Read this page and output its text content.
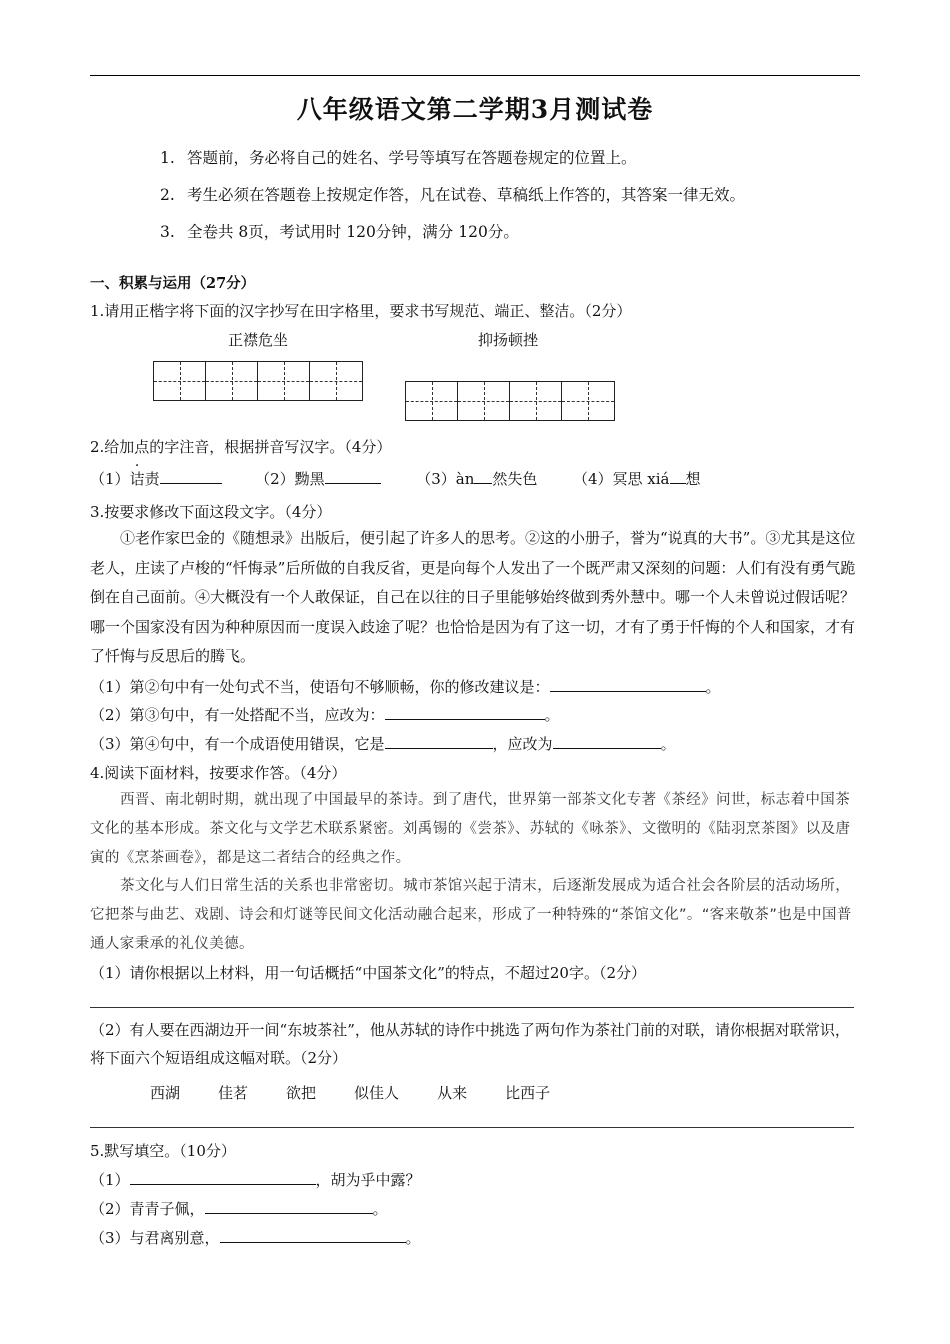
八年级语文第二学期3月测试卷
1. 答题前，务必将自己的姓名、学号等填写在答题卷规定的位置上。
2. 考生必须在答题卷上按规定作答，凡在试卷、草稿纸上作答的，其答案一律无效。
3. 全卷共 8页，考试用时 120分钟，满分 120分。
一、积累与运用（27分）
1.请用正楷字将下面的汉字抄写在田字格里，要求书写规范、端正、整洁。（2分）
正襟危坐	抑扬顿挫
2.给加点的字注音，根据拼音写汉字。（4分）
（1）诘责	（2）黝黑	（3）àn 然失色 （4）冥思 xiá 想
3.按要求修改下面这段文字。（4分）
①老作家巴金的《随想录》出版后，便引起了许多人的思考。②这的小册子，誉为“说真的大书”。③尤其是这位老人，庄读了卢梭的“忏悔录”后所做的自我反省，更是向每个人发出了一个既严肃又深刻的问题：人们有没有勇气跪倒在自己面前。④大概没有一个人敢保证，自己在以往的日子里能够始终做到秀外慧中。哪一个人未曾说过假话呢？哪一个国家没有因为种种原因而一度误入歧途了呢？也恰恰是因为有了这一切，才有了勇于忏悔的个人和国家，才有了忏悔与反思后的腾飞。
（1）第②句中有一处句式不当，使语句不够顺畅，你的修改建议是：	。
（2）第③句中，有一处搭配不当，应改为：	。
（3）第④句中，有一个成语使用错误，它是	，应改为	。
4.阅读下面材料，按要求作答。（4分）
西晋、南北朝时期，就出现了中国最早的茶诗。到了唐代，世界第一部茶文化专著《茶经》问世，标志着中国茶文化的基本形成。茶文化与文学艺术联系紧密。刘禹锡的《尝茶》、苏轼的《咏茶》、文徵明的《陆羽烹茶图》以及唐寅的《烹茶画卷》，都是这二者结合的经典之作。
茶文化与人们日常生活的关系也非常密切。城市茶馆兴起于清末，后逐渐发展成为适合社会各阶层的活动场所，它把茶与曲艺、戏剧、诗会和灯谜等民间文化活动融合起来，形成了一种特殊的“茶馆文化”。“客来敬茶”也是中国普通人家秉承的礼仪美德。
（1）请你根据以上材料，用一句话概括“中国茶文化”的特点，不超过20字。（2分）
（2）有人要在西湖边开一间“东坡茶社”，他从苏轼的诗作中挑选了两句作为茶社门前的对联，请你根据对联常识，将下面六个短语组成这幅对联。（2分）
西湖	佳茗	欲把	似佳人	从来	比西子
5.默写填空。（10分）
（1）	，胡为乎中露？
（2）青青子佩，	。
（3）与君离别意，	。
